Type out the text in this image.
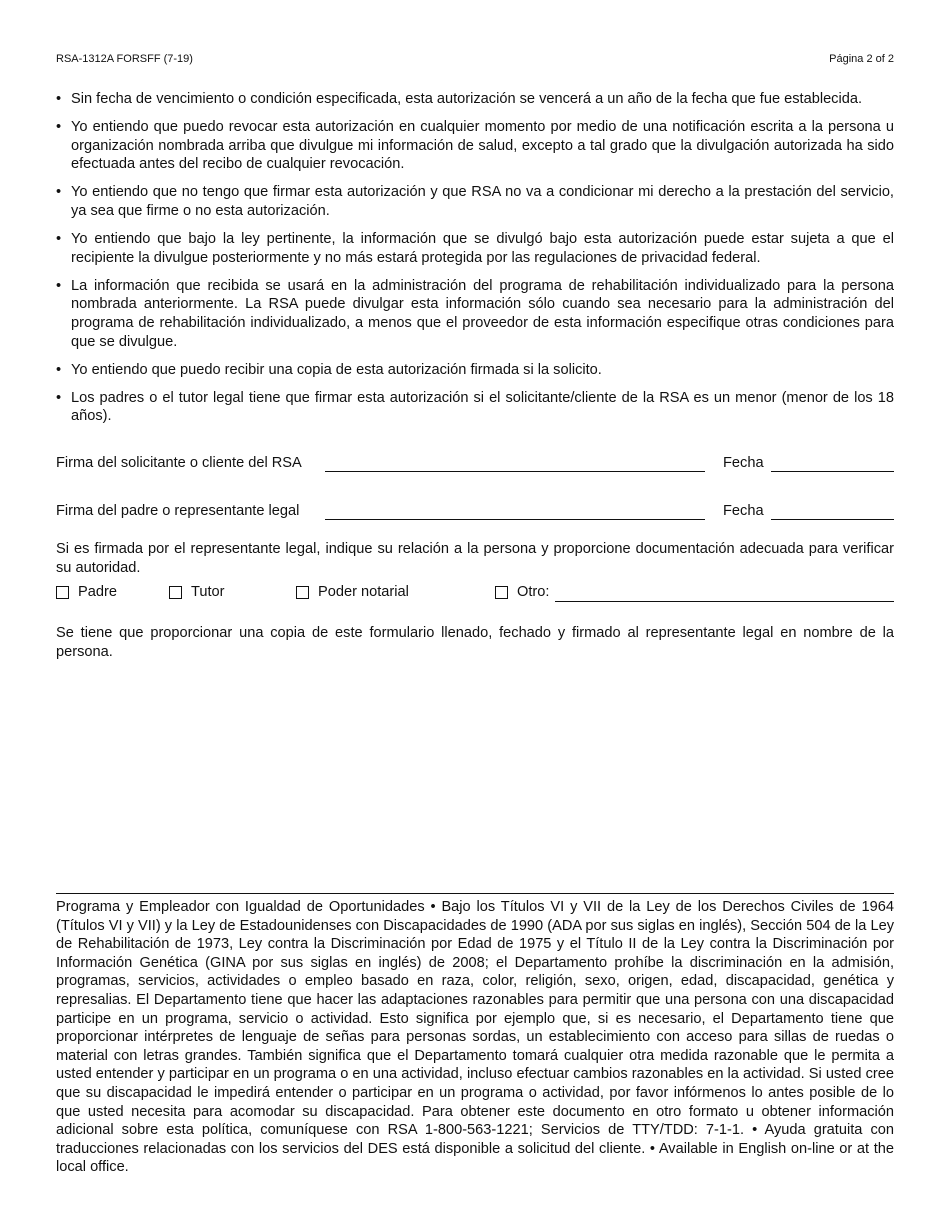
RSA-1312A FORSFF (7-19)	Página 2 of 2
• Sin fecha de vencimiento o condición especificada, esta autorización se vencerá a un año de la fecha que fue establecida.
• Yo entiendo que puedo revocar esta autorización en cualquier momento por medio de una notificación escrita a la persona u organización nombrada arriba que divulgue mi información de salud, excepto a tal grado que la divulgación autorizada ha sido efectuada antes del recibo de cualquier revocación.
• Yo entiendo que no tengo que firmar esta autorización y que RSA no va a condicionar mi derecho a la prestación del servicio, ya sea que firme o no esta autorización.
• Yo entiendo que bajo la ley pertinente, la información que se divulgó bajo esta autorización puede estar sujeta a que el recipiente la divulgue posteriormente y no más estará protegida por las regulaciones de privacidad federal.
• La información que recibida se usará en la administración del programa de rehabilitación individualizado para la persona nombrada anteriormente. La RSA puede divulgar esta información sólo cuando sea necesario para la administración del programa de rehabilitación individualizado, a menos que el proveedor de esta información especifique otras condiciones para que se divulgue.
• Yo entiendo que puedo recibir una copia de esta autorización firmada si la solicito.
• Los padres o el tutor legal tiene que firmar esta autorización si el solicitante/cliente de la RSA es un menor (menor de los 18 años).
Firma del solicitante o cliente del RSA	Fecha
Firma del padre o representante legal	Fecha
Si es firmada por el representante legal, indique su relación a la persona y proporcione documentación adecuada para verificar su autoridad.
Padre	Tutor	Poder notarial	Otro:
Se tiene que proporcionar una copia de este formulario llenado, fechado y firmado al representante legal en nombre de la persona.
Programa y Empleador con Igualdad de Oportunidades • Bajo los Títulos VI y VII de la Ley de los Derechos Civiles de 1964 (Títulos VI y VII) y la Ley de Estadounidenses con Discapacidades de 1990 (ADA por sus siglas en inglés), Sección 504 de la Ley de Rehabilitación de 1973, Ley contra la Discriminación por Edad de 1975 y el Título II de la Ley contra la Discriminación por Información Genética (GINA por sus siglas en inglés) de 2008; el Departamento prohíbe la discriminación en la admisión, programas, servicios, actividades o empleo basado en raza, color, religión, sexo, origen, edad, discapacidad, genética y represalias. El Departamento tiene que hacer las adaptaciones razonables para permitir que una persona con una discapacidad participe en un programa, servicio o actividad. Esto significa por ejemplo que, si es necesario, el Departamento tiene que proporcionar intérpretes de lenguaje de señas para personas sordas, un establecimiento con acceso para sillas de ruedas o material con letras grandes. También significa que el Departamento tomará cualquier otra medida razonable que le permita a usted entender y participar en un programa o en una actividad, incluso efectuar cambios razonables en la actividad. Si usted cree que su discapacidad le impedirá entender o participar en un programa o actividad, por favor infórmenos lo antes posible de lo que usted necesita para acomodar su discapacidad. Para obtener este documento en otro formato u obtener información adicional sobre esta política, comuníquese con RSA 1-800-563-1221; Servicios de TTY/TDD: 7-1-1. • Ayuda gratuita con traducciones relacionadas con los servicios del DES está disponible a solicitud del cliente. • Available in English on-line or at the local office.
